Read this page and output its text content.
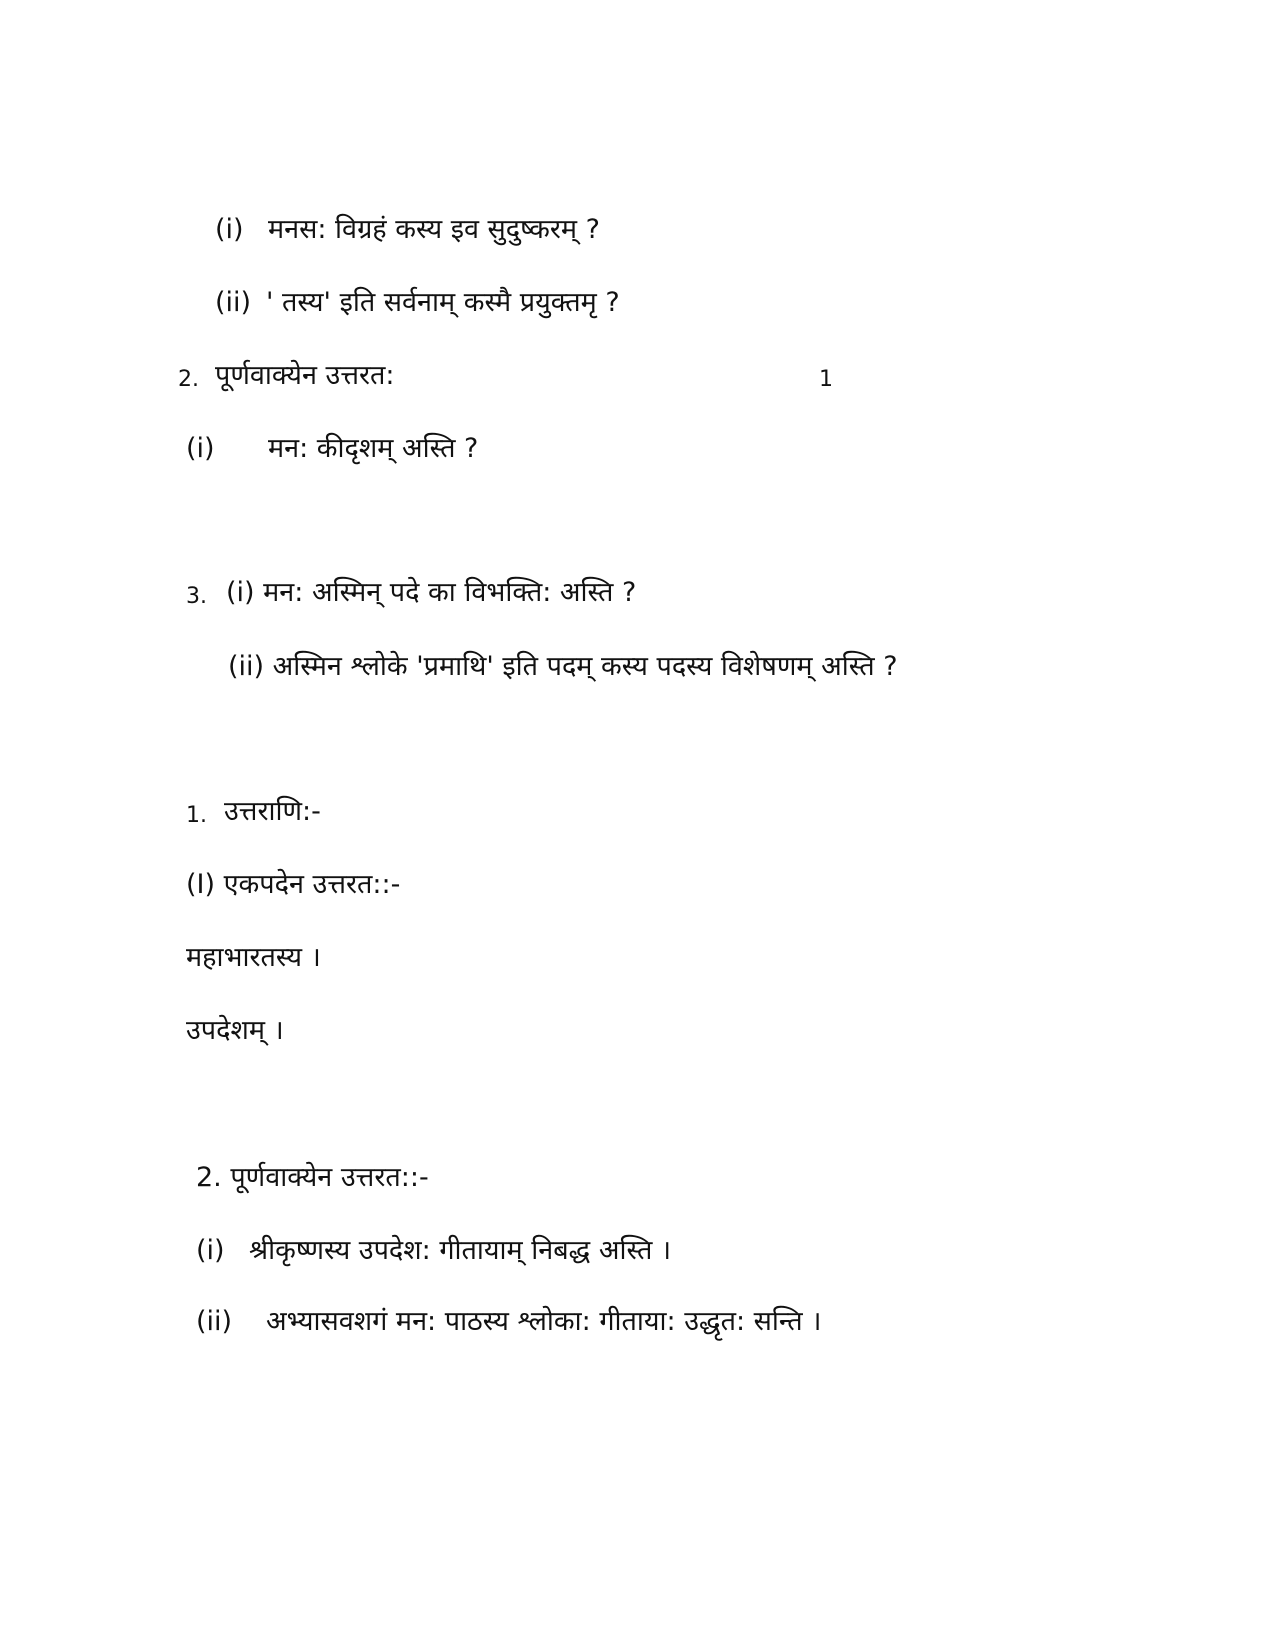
(i) मनस: विग्रहं कस्य इव सुदुष्करम् ?
(ii) ' तस्य' इति सर्वनाम् कस्मै प्रयुक्तमृ ?
2. पूर्णवाक्येन उत्तरत:	1
(i) मन: कीदृशम् अस्ति ?
3. (i) मन: अस्मिन् पदे का विभक्ति: अस्ति ?
(ii) अस्मिन श्लोके 'प्रमाथि' इति पदम् कस्य पदस्य विशेषणम् अस्ति ?
1. उत्तराणि:-
(I) एकपदेन उत्तरत::-
महाभारतस्य ।
उपदेशम् ।
2. पूर्णवाक्येन उत्तरत::-
(i) श्रीकृष्णस्य उपदेश: गीतायाम् निबद्ध अस्ति ।
(ii) अभ्यासवशगं मन: पाठस्य श्लोका: गीताया: उद्धृत: सन्ति ।
